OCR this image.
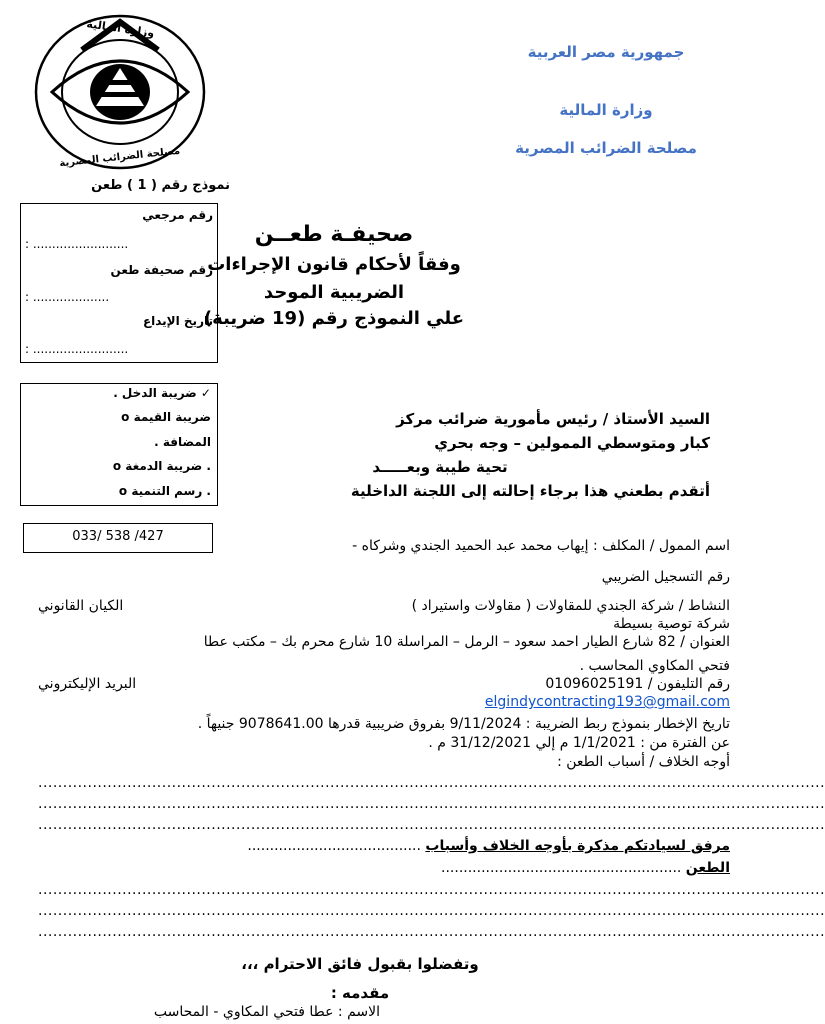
جمهورية مصر العربية
وزارة المالية
مصلحة الضرائب المصرية
وزارة المالية
مصلحة الضرائب المصرية
نموذج رقم ( 1 ) طعن
رقم مرجعي
: .........................
رقم صحيفة طعن
: ....................
تاريخ الإيداع
: .........................
صحيفـة طعــن
وفقاً لأحكام قانون الإجراءات
الضريبية الموحد
علي النموذج رقم (19 ضريبة)
✓ ضريبة الدخل .
o ضريبة القيمة
المضافة .
o ضريبة الدمغة .
o رسم التنمية .
السيد الأستاذ / رئيس مأمورية ضرائب مركز
كبار ومتوسطي الممولين – وجه بحري
تحية طيبة وبعـــــد
أتقدم بطعني هذا برجاء إحالته إلى اللجنة الداخلية
033/ 538 /427
اسم الممول / المكلف : إيهاب محمد عبد الحميد الجندي وشركاه -
رقم التسجيل الضريبي
النشاط / شركة الجندي للمقاولات ( مقاولات واستيراد )
الكيان القانوني
شركة توصية بسيطة
العنوان / 82 شارع الطيار احمد سعود – الرمل – المراسلة 10 شارع محرم بك – مكتب عطا
فتحي المكاوي المحاسب .
رقم التليفون / 01096025191
البريد الإليكتروني
elgindycontracting193@gmail.com
تاريخ الإخطار بنموذج ربط الضريبة : 9/11/2024 بفروق ضريبية قدرها 9078641.00 جنيهاً .
عن الفترة من : 1/1/2021 م إلي 31/12/2021 م .
أوجه الخلاف / أسباب الطعن :
...............................................................................................................................................................
...............................................................................................................................................................
...............................................................................................................................................................
مرفق لسيادتكم مذكرة بأوجه الخلاف وأسباب .......................................
الطعن ......................................................
...............................................................................................................................................................
...............................................................................................................................................................
...............................................................................................................................................................
وتفضلوا بقبول فائق الاحترام ،،،
مقدمه :
الاسم : عطا فتحي المكاوي - المحاسب
